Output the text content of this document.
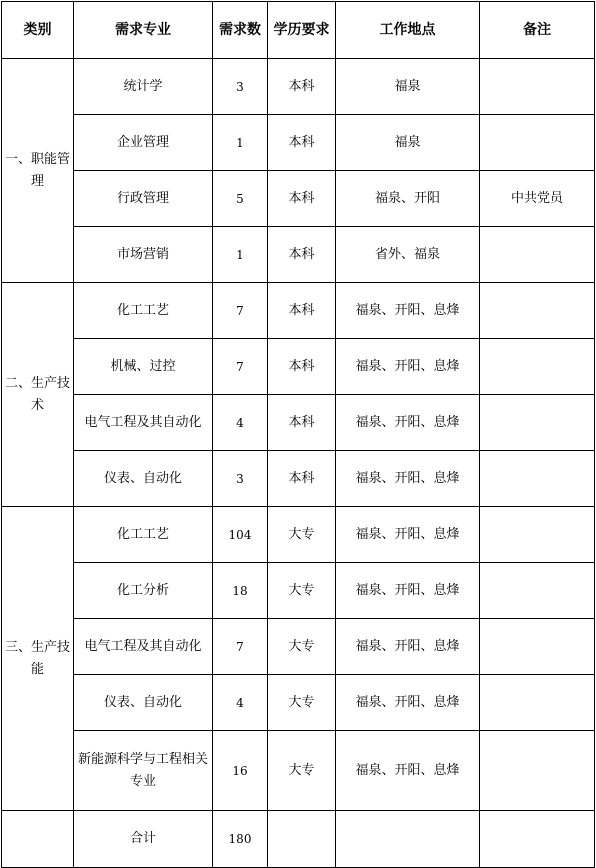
类别	需求专业	需求数	学历要求	工作地点	备注
一、职能管理	统计学	3	本科	福泉	
	企业管理	1	本科	福泉	
	行政管理	5	本科	福泉、开阳	中共党员
	市场营销	1	本科	省外、福泉	
二、生产技术	化工工艺	7	本科	福泉、开阳、息烽	
	机械、过控	7	本科	福泉、开阳、息烽	
	电气工程及其自动化	4	本科	福泉、开阳、息烽	
	仪表、自动化	3	本科	福泉、开阳、息烽	
三、生产技能	化工工艺	104	大专	福泉、开阳、息烽	
	化工分析	18	大专	福泉、开阳、息烽	
	电气工程及其自动化	7	大专	福泉、开阳、息烽	
	仪表、自动化	4	大专	福泉、开阳、息烽	
	新能源科学与工程相关专业	16	大专	福泉、开阳、息烽	
	合计	180			
